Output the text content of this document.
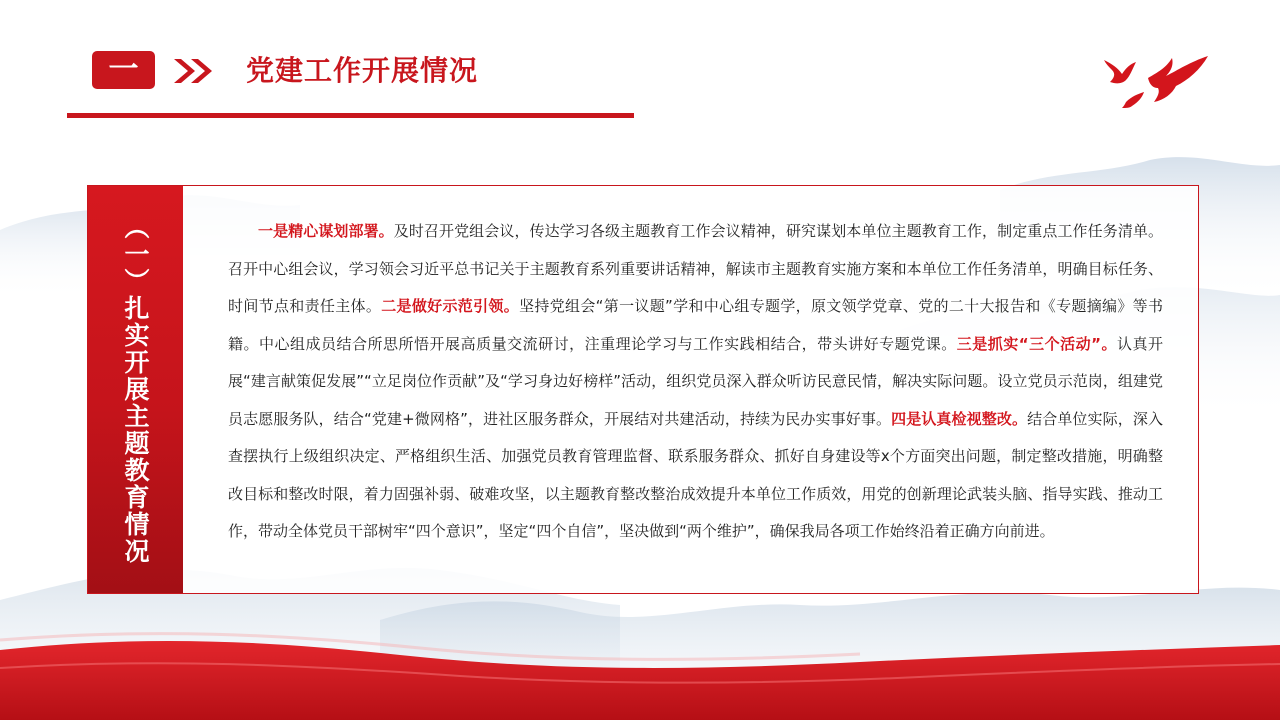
一	党建工作开展情况
（一）扎实开展主题教育情况	一是精心谋划部署。及时召开党组会议，传达学习各级主题教育工作会议精神，研究谋划本单位主题教育工作，制定重点工作任务清单。召开中心组会议，学习领会习近平总书记关于主题教育系列重要讲话精神，解读市主题教育实施方案和本单位工作任务清单，明确目标任务、时间节点和责任主体。二是做好示范引领。坚持党组会“第一议题”学和中心组专题学，原文领学党章、党的二十大报告和《专题摘编》等书籍。中心组成员结合所思所悟开展高质量交流研讨，注重理论学习与工作实践相结合，带头讲好专题党课。三是抓实“三个活动”。认真开展“建言献策促发展”“立足岗位作贡献”及“学习身边好榜样”活动，组织党员深入群众听访民意民情，解决实际问题。设立党员示范岗，组建党员志愿服务队，结合“党建+微网格”，进社区服务群众，开展结对共建活动，持续为民办实事好事。四是认真检视整改。结合单位实际，深入查摆执行上级组织决定、严格组织生活、加强党员教育管理监督、联系服务群众、抓好自身建设等x个方面突出问题，制定整改措施，明确整改目标和整改时限，着力固强补弱、破难攻坚，以主题教育整改整治成效提升本单位工作质效，用党的创新理论武装头脑、指导实践、推动工作，带动全体党员干部树牢“四个意识”，坚定“四个自信”，坚决做到“两个维护”，确保我局各项工作始终沿着正确方向前进。
